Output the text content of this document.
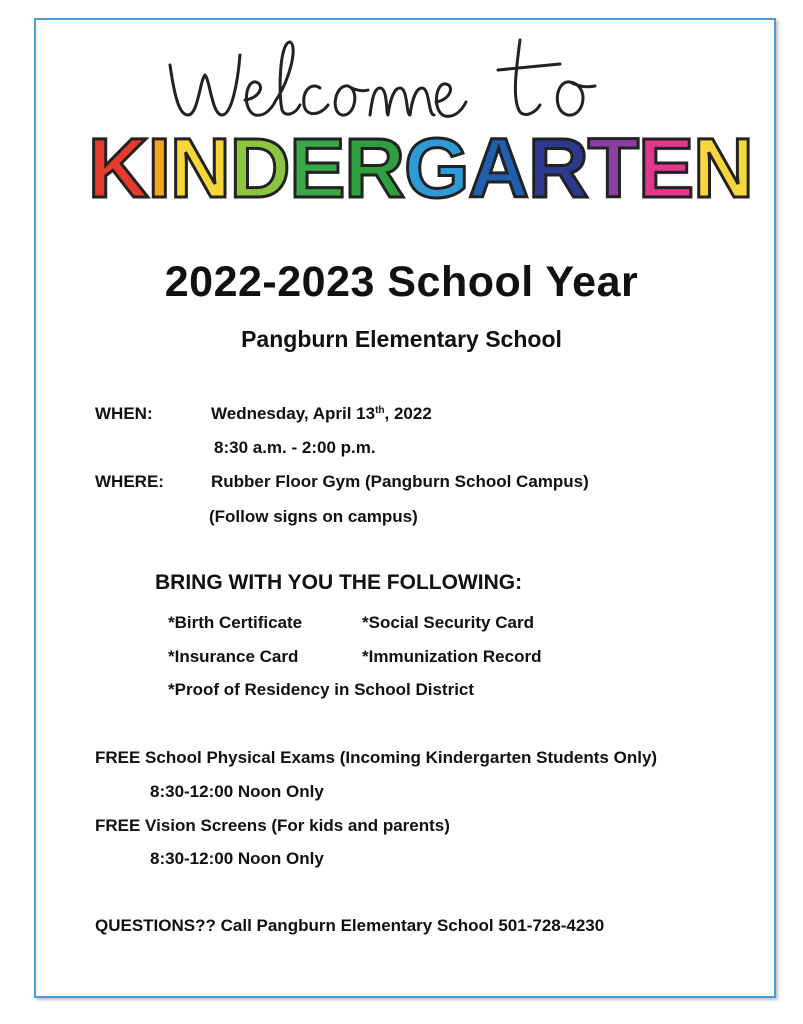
K I N D E R G A R T E N
2022-2023 School Year
Pangburn Elementary School
WHEN:	Wednesday, April 13th, 2022
8:30 a.m. - 2:00 p.m.
WHERE:	Rubber Floor Gym (Pangburn School Campus)
(Follow signs on campus)
BRING WITH YOU THE FOLLOWING:
*Birth Certificate	*Social Security Card
*Insurance Card	*Immunization Record
*Proof of Residency in School District
FREE School Physical Exams (Incoming Kindergarten Students Only)
8:30-12:00 Noon Only
FREE Vision Screens (For kids and parents)
8:30-12:00 Noon Only
QUESTIONS?? Call Pangburn Elementary School 501-728-4230
